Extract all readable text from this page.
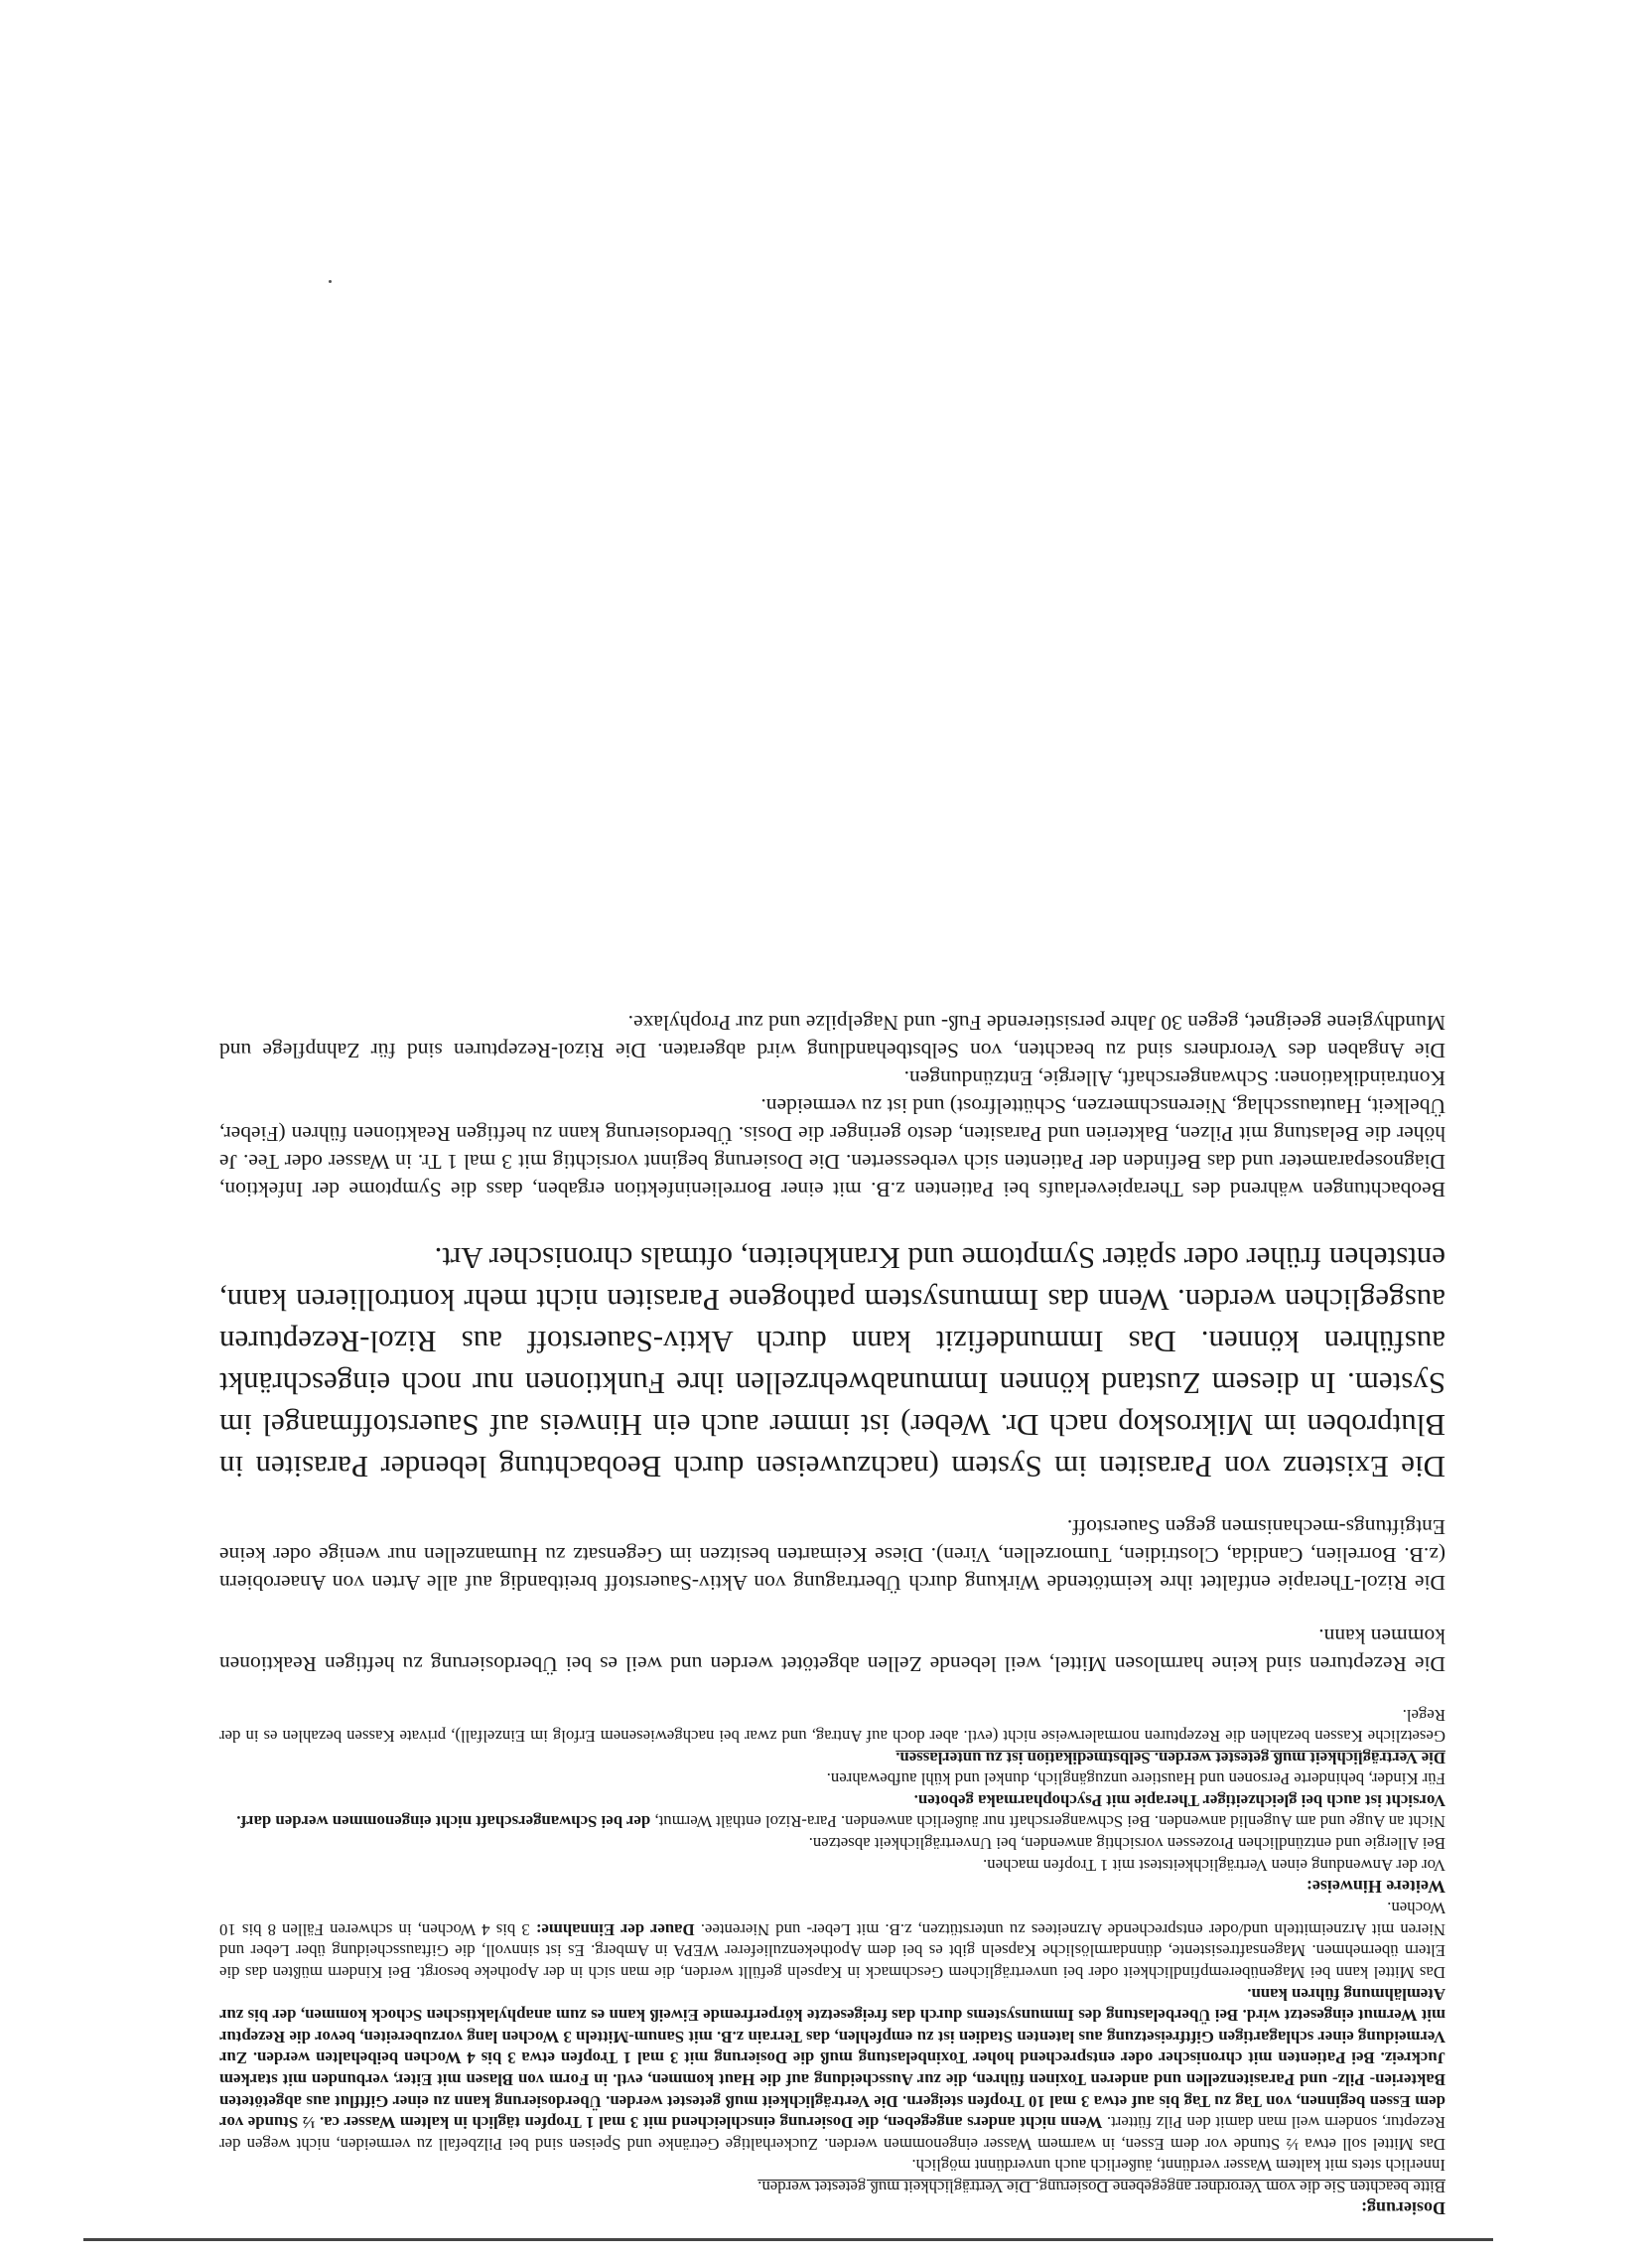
Dosierung:

Bitte beachten Sie die vom Verordner angegebene Dosierung. Die Verträglichkeit muß getestet werden.
Innerlich stets mit kaltem Wasser verdünnt, äußerlich auch unverdünnt möglich.

Das Mittel soll etwa ½ Stunde vor dem Essen, in warmem Wasser eingenommen werden. Zuckerhaltige Getränke und Speisen sind bei Pilzbefall zu vermeiden, nicht wegen der Rezeptur, sondern weil man damit den Pilz füttert. Wenn nicht anders angegeben, die Dosierung einschleichend mit 3 mal 1 Tropfen täglich in kaltem Wasser ca. ½ Stunde vor dem Essen beginnen, von Tag zu Tag bis auf etwa 3 mal 10 Tropfen steigern. Die Verträglichkeit muß getestet werden. Überdosierung kann zu einer Giftflut aus abgetöteten Bakterien- Pilz- und Parasitenzellen und anderen Toxinen führen, die zur Ausscheidung auf die Haut kommen, evtl. in Form von Blasen mit Eiter, verbunden mit starkem Juckreiz. Bei Patienten mit chronischer oder entsprechend hoher Toxinbelastung muß die Dosierung mit 3 mal 1 Tropfen etwa 3 bis 4 Wochen beibehalten werden. Zur Vermeidung einer schlagartigen Giftfreisetzung aus latenten Stadien ist zu empfehlen, das Terrain z.B. mit Sanum-Mitteln 3 Wochen lang vorzubereiten, bevor die Rezeptur mit Wermut eingesetzt wird. Bei Überbelastung des Immunsystems durch das freigesetzte körperfremde Eiweiß kann es zum anaphylaktischen Schock kommen, der bis zur Atemlähmung führen kann.

Das Mittel kann bei Magenüberempfindlichkeit oder bei unverträglichem Geschmack in Kapseln gefüllt werden, die man sich in der Apotheke besorgt. Bei Kindern müßten das die Eltern übernehmen. Magensaftresistente, dünndarmlösliche Kapseln gibt es bei dem Apothekenzulieferer WEPA in Amberg. Es ist sinnvoll, die Giftausscheidung über Leber und Nieren mit Arzneimitteln und/oder entsprechende Arzneitees zu unterstützen, z.B. mit Leber- und Nierentee. Dauer der Einnahme: 3 bis 4 Wochen, in schweren Fällen 8 bis 10 Wochen.

Weitere Hinweise:

Vor der Anwendung einen Verträglichkeitstest mit 1 Tropfen machen.

Bei Allergie und entzündlichen Prozessen vorsichtig anwenden, bei Unverträglichkeit absetzen.

Nicht an Auge und am Augenlid anwenden. Bei Schwangerschaft nur äußerlich anwenden. Para-Rizol enthält Wermut, der bei Schwangerschaft nicht eingenommen werden darf.

Vorsicht ist auch bei gleichzeitiger Therapie mit Psychopharmaka geboten.

Für Kinder, behinderte Personen und Haustiere unzugänglich, dunkel und kühl aufbewahren.

Die Verträglichkeit muß getestet werden. Selbstmedikation ist zu unterlassen.

Gesetzliche Kassen bezahlen die Rezepturen normalerweise nicht (evtl. aber doch auf Antrag, und zwar bei nachgewiesenem Erfolg im Einzelfall), private Kassen bezahlen es in der Regel.

Die Rezepturen sind keine harmlosen Mittel, weil lebende Zellen abgetötet werden und weil es bei Überdosierung zu heftigen Reaktionen kommen kann.

Die Rizol-Therapie entfaltet ihre keimtötende Wirkung durch Übertragung von Aktiv-Sauerstoff breitbandig auf alle Arten von Anaerobiern (z.B. Borrelien, Candida, Clostridien, Tumorzellen, Viren). Diese Keimarten besitzen im Gegensatz zu Humanzellen nur wenige oder keine Entgiftungs-mechanismen gegen Sauerstoff.

Die Existenz von Parasiten im System (nachzuweisen durch Beobachtung lebender Parasiten in Blutproben im Mikroskop nach Dr. Weber) ist immer auch ein Hinweis auf Sauerstoffmangel im System. In diesem Zustand können Immunabwehrzellen ihre Funktionen nur noch eingeschränkt ausführen können. Das Immundefizit kann durch Aktiv-Sauerstoff aus Rizol-Rezepturen ausgeglichen werden. Wenn das Immunsystem pathogene Parasiten nicht mehr kontrollieren kann, entstehen früher oder später Symptome und Krankheiten, oftmals chronischer Art.

Beobachtungen während des Therapieverlaufs bei Patienten z.B. mit einer Borrelieninfektion ergaben, dass die Symptome der Infektion, Diagnoseparameter und das Befinden der Patienten sich verbesserten. Die Dosierung beginnt vorsichtig mit 3 mal 1 Tr. in Wasser oder Tee. Je höher die Belastung mit Pilzen, Bakterien und Parasiten, desto geringer die Dosis. Überdosierung kann zu heftigen Reaktionen führen (Fieber, Übelkeit, Hautausschlag, Nierenschmerzen, Schüttelfrost) und ist zu vermeiden.

Kontraindikationen: Schwangerschaft, Allergie, Entzündungen.

Die Angaben des Verordners sind zu beachten, von Selbstbehandlung wird abgeraten. Die Rizol-Rezepturen sind für Zahnpflege und Mundhygiene geeignet, gegen 30 Jahre persistierende Fuß- und Nagelpilze und zur Prophylaxe.
